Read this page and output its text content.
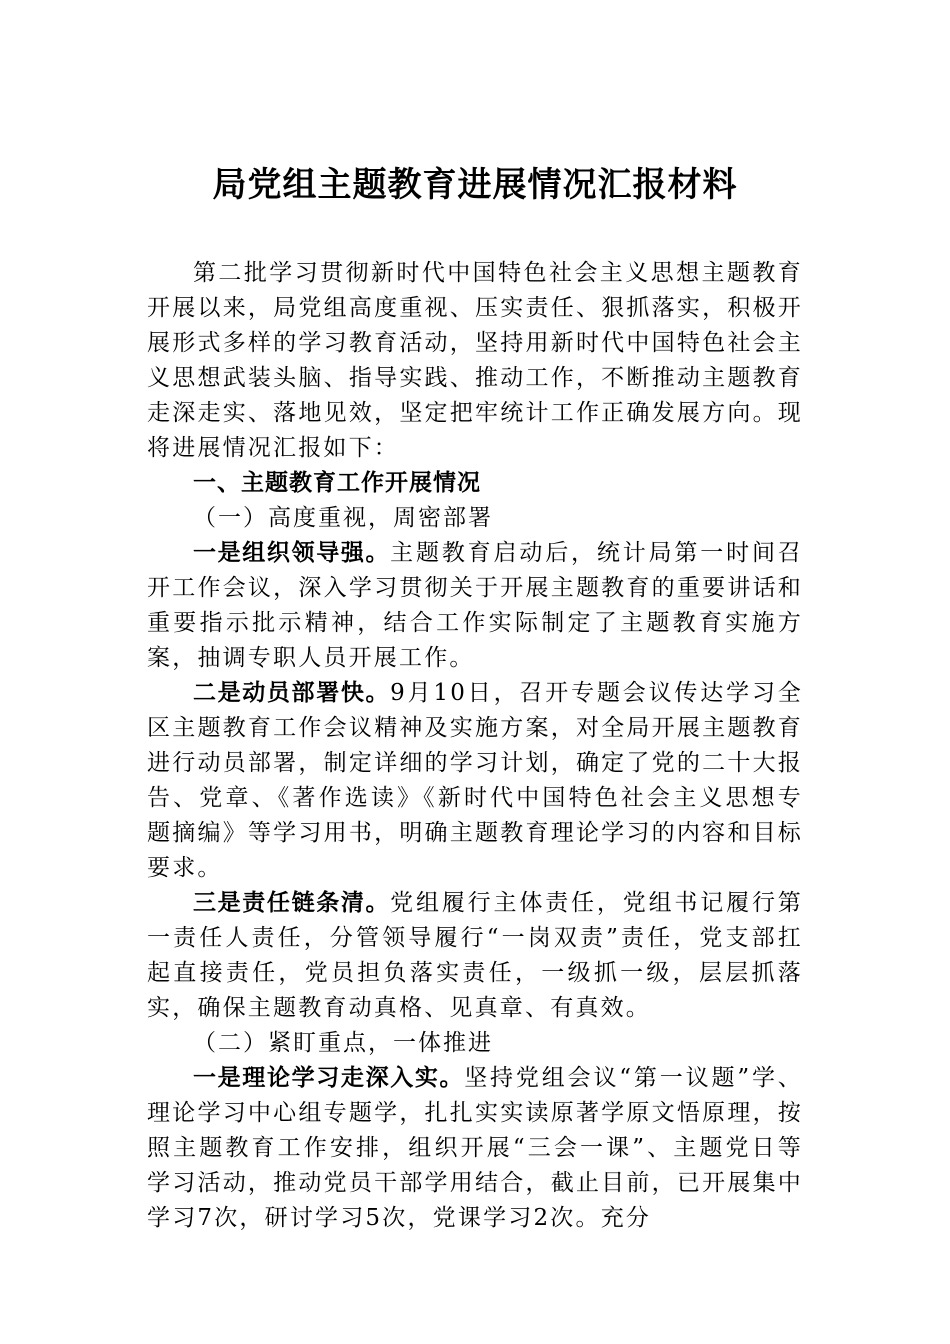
局党组主题教育进展情况汇报材料

第二批学习贯彻新时代中国特色社会主义思想主题教育开展以来，局党组高度重视、压实责任、狠抓落实，积极开展形式多样的学习教育活动，坚持用新时代中国特色社会主义思想武装头脑、指导实践、推动工作，不断推动主题教育走深走实、落地见效，坚定把牢统计工作正确发展方向。现将进展情况汇报如下：

一、主题教育工作开展情况

（一）高度重视，周密部署

一是组织领导强。主题教育启动后，统计局第一时间召开工作会议，深入学习贯彻关于开展主题教育的重要讲话和重要指示批示精神，结合工作实际制定了主题教育实施方案，抽调专职人员开展工作。

二是动员部署快。9月10日，召开专题会议传达学习全区主题教育工作会议精神及实施方案，对全局开展主题教育进行动员部署，制定详细的学习计划，确定了党的二十大报告、党章、《著作选读》《新时代中国特色社会主义思想专题摘编》等学习用书，明确主题教育理论学习的内容和目标要求。

三是责任链条清。党组履行主体责任，党组书记履行第一责任人责任，分管领导履行“一岗双责”责任，党支部扛起直接责任，党员担负落实责任，一级抓一级，层层抓落实，确保主题教育动真格、见真章、有真效。

（二）紧盯重点，一体推进

一是理论学习走深入实。坚持党组会议“第一议题”学、理论学习中心组专题学，扎扎实实读原著学原文悟原理，按照主题教育工作安排，组织开展“三会一课”、主题党日等学习活动，推动党员干部学用结合，截止目前，已开展集中学习7次，研讨学习5次，党课学习2次。充分
